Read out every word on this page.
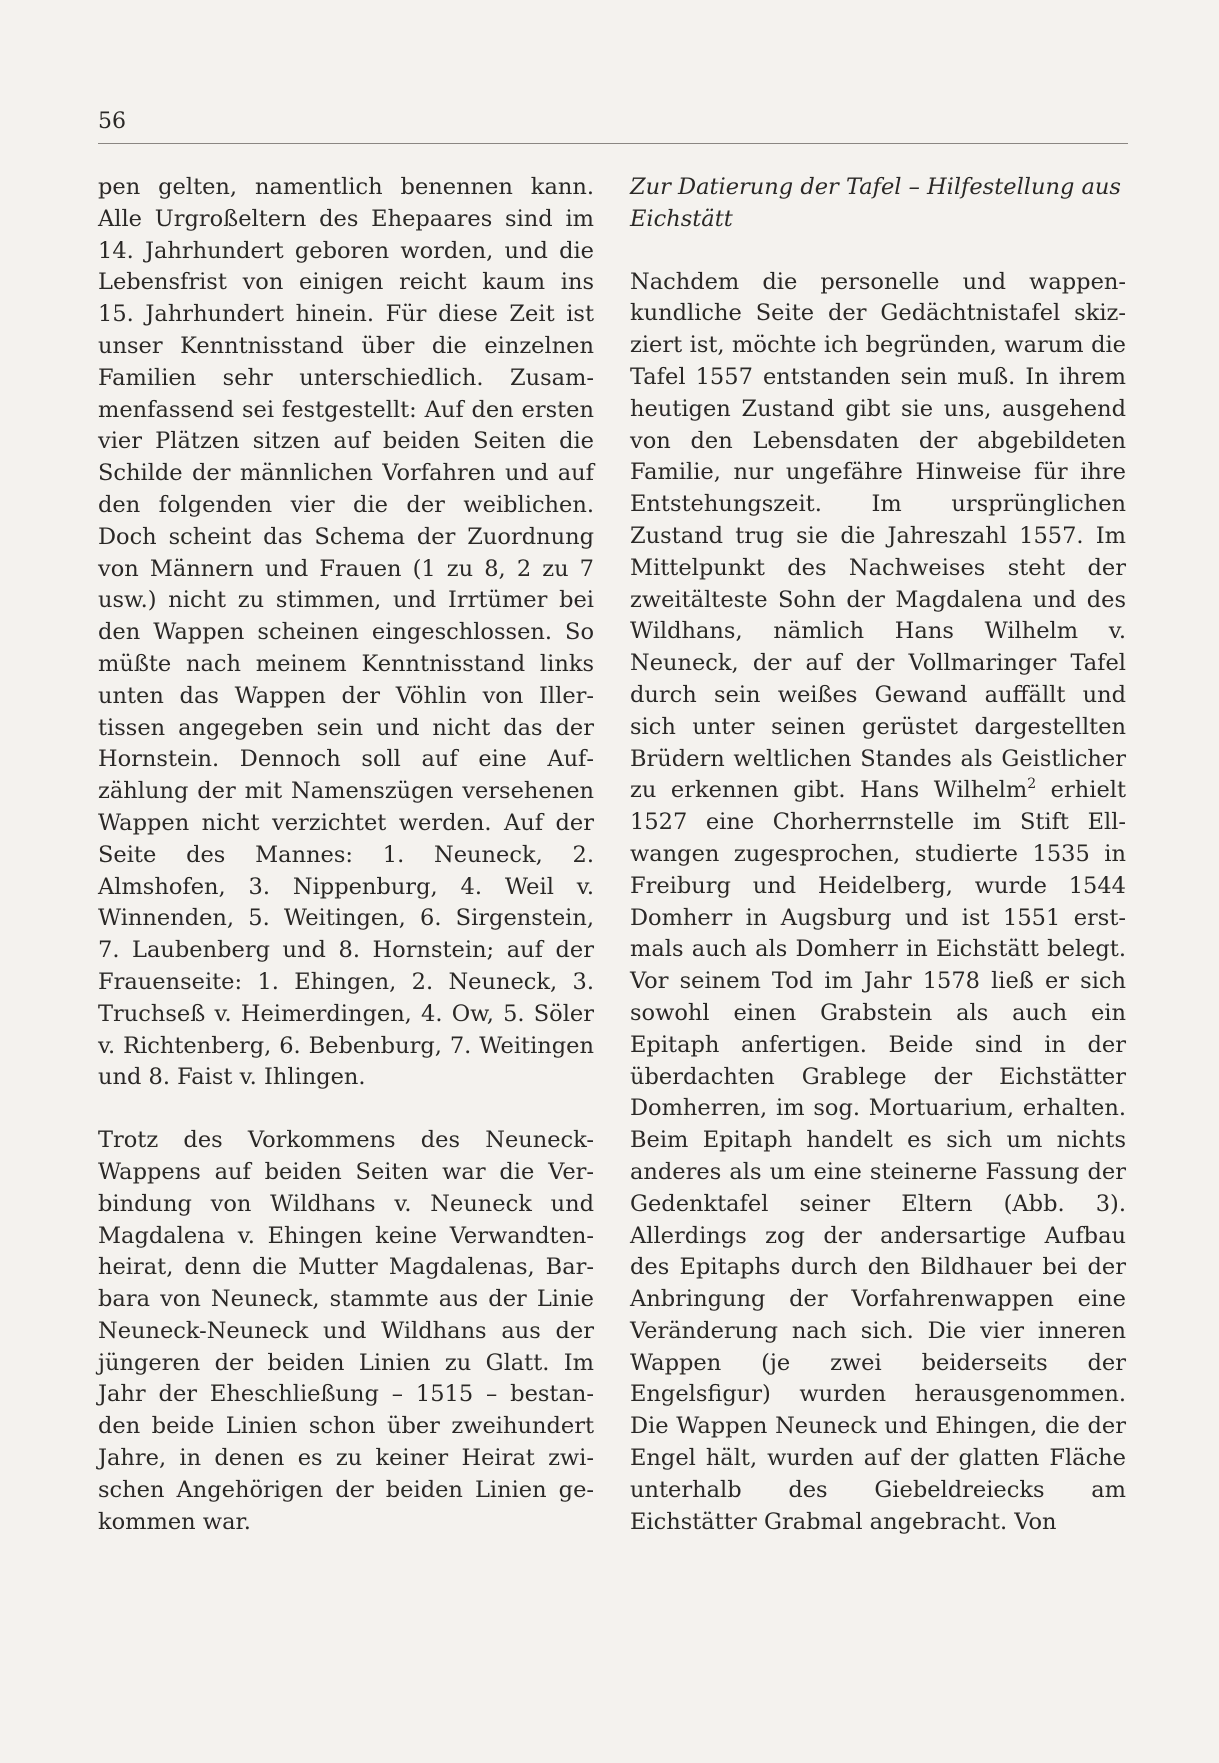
56

pen gelten, namentlich benennen kann. Alle Urgroßeltern des Ehepaares sind im 14. Jahrhundert geboren worden, und die Lebensfrist von einigen reicht kaum ins 15. Jahrhundert hinein. Für diese Zeit ist unser Kenntnisstand über die einzelnen Familien sehr unterschiedlich. Zusammenfassend sei festgestellt: Auf den ersten vier Plätzen sitzen auf beiden Seiten die Schilde der männlichen Vorfahren und auf den folgenden vier die der weiblichen. Doch scheint das Schema der Zuordnung von Männern und Frauen (1 zu 8, 2 zu 7 usw.) nicht zu stimmen, und Irrtümer bei den Wappen scheinen eingeschlossen. So müßte nach meinem Kenntnisstand links unten das Wappen der Vöhlin von Illertissen angegeben sein und nicht das der Hornstein. Dennoch soll auf eine Aufzählung der mit Namenszügen versehenen Wappen nicht verzichtet werden. Auf der Seite des Mannes: 1. Neuneck, 2. Almshofen, 3. Nippenburg, 4. Weil v. Winnenden, 5. Weitingen, 6. Sirgenstein, 7. Laubenberg und 8. Hornstein; auf der Frauenseite: 1. Ehingen, 2. Neuneck, 3. Truchseß v. Heimerdingen, 4. Ow, 5. Söler v. Richtenberg, 6. Bebenburg, 7. Weitingen und 8. Faist v. Ihlingen.

Trotz des Vorkommens des Neuneck-Wappens auf beiden Seiten war die Verbindung von Wildhans v. Neuneck und Magdalena v. Ehingen keine Verwandtenheirat, denn die Mutter Magdalenas, Barbara von Neuneck, stammte aus der Linie Neuneck-Neuneck und Wildhans aus der jüngeren der beiden Linien zu Glatt. Im Jahr der Eheschließung – 1515 – bestanden beide Linien schon über zweihundert Jahre, in denen es zu keiner Heirat zwischen Angehörigen der beiden Linien gekommen war.

Zur Datierung der Tafel – Hilfestellung aus Eichstätt

Nachdem die personelle und wappenkundliche Seite der Gedächtnistafel skizziert ist, möchte ich begründen, warum die Tafel 1557 entstanden sein muß. In ihrem heutigen Zustand gibt sie uns, ausgehend von den Lebensdaten der abgebildeten Familie, nur ungefähre Hinweise für ihre Entstehungszeit. Im ursprünglichen Zustand trug sie die Jahreszahl 1557. Im Mittelpunkt des Nachweises steht der zweitälteste Sohn der Magdalena und des Wildhans, nämlich Hans Wilhelm v. Neuneck, der auf der Vollmaringer Tafel durch sein weißes Gewand auffällt und sich unter seinen gerüstet dargestellten Brüdern weltlichen Standes als Geistlicher zu erkennen gibt. Hans Wilhelm$^2$ erhielt 1527 eine Chorherrnstelle im Stift Ellwangen zugesprochen, studierte 1535 in Freiburg und Heidelberg, wurde 1544 Domherr in Augsburg und ist 1551 erstmals auch als Domherr in Eichstätt belegt. Vor seinem Tod im Jahr 1578 ließ er sich sowohl einen Grabstein als auch ein Epitaph anfertigen. Beide sind in der überdachten Grablege der Eichstätter Domherren, im sog. Mortuarium, erhalten. Beim Epitaph handelt es sich um nichts anderes als um eine steinerne Fassung der Gedenktafel seiner Eltern (Abb. 3). Allerdings zog der andersartige Aufbau des Epitaphs durch den Bildhauer bei der Anbringung der Vorfahrenwappen eine Veränderung nach sich. Die vier inneren Wappen (je zwei beiderseits der Engelsfigur) wurden herausgenommen. Die Wappen Neuneck und Ehingen, die der Engel hält, wurden auf der glatten Fläche unterhalb des Giebeldreiecks am Eichstätter Grabmal angebracht. Von
